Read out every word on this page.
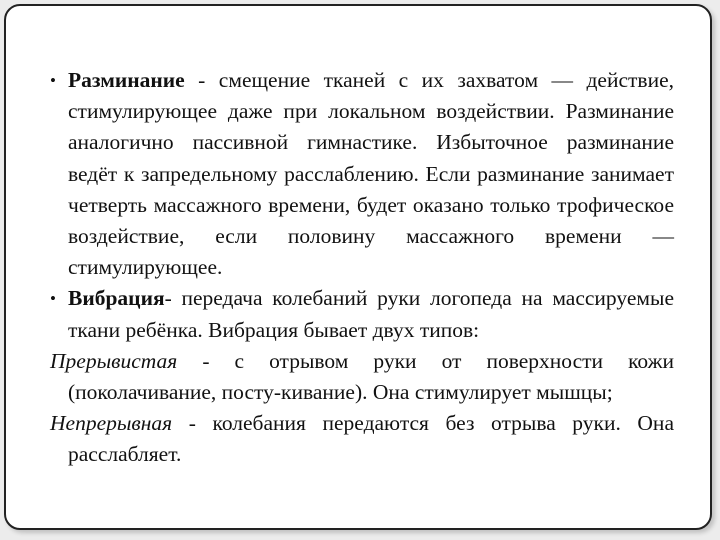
• Разминание - смещение тканей с их захватом — действие, стимулирующее даже при локальном воздействии. Разминание аналогично пассивной гимнастике. Избыточное разминание ведёт к запредельному расслаблению. Если разминание занимает четверть массажного времени, будет оказано только трофическое воздействие, если половину массажного времени — стимулирующее.

• Вибрация- передача колебаний руки логопеда на массируемые ткани ребёнка. Вибрация бывает двух типов:

Прерывистая - с отрывом руки от поверхности кожи (поколачивание, посту-кивание). Она стимулирует мышцы;

Непрерывная - колебания передаются без отрыва руки. Она расслабляет.
